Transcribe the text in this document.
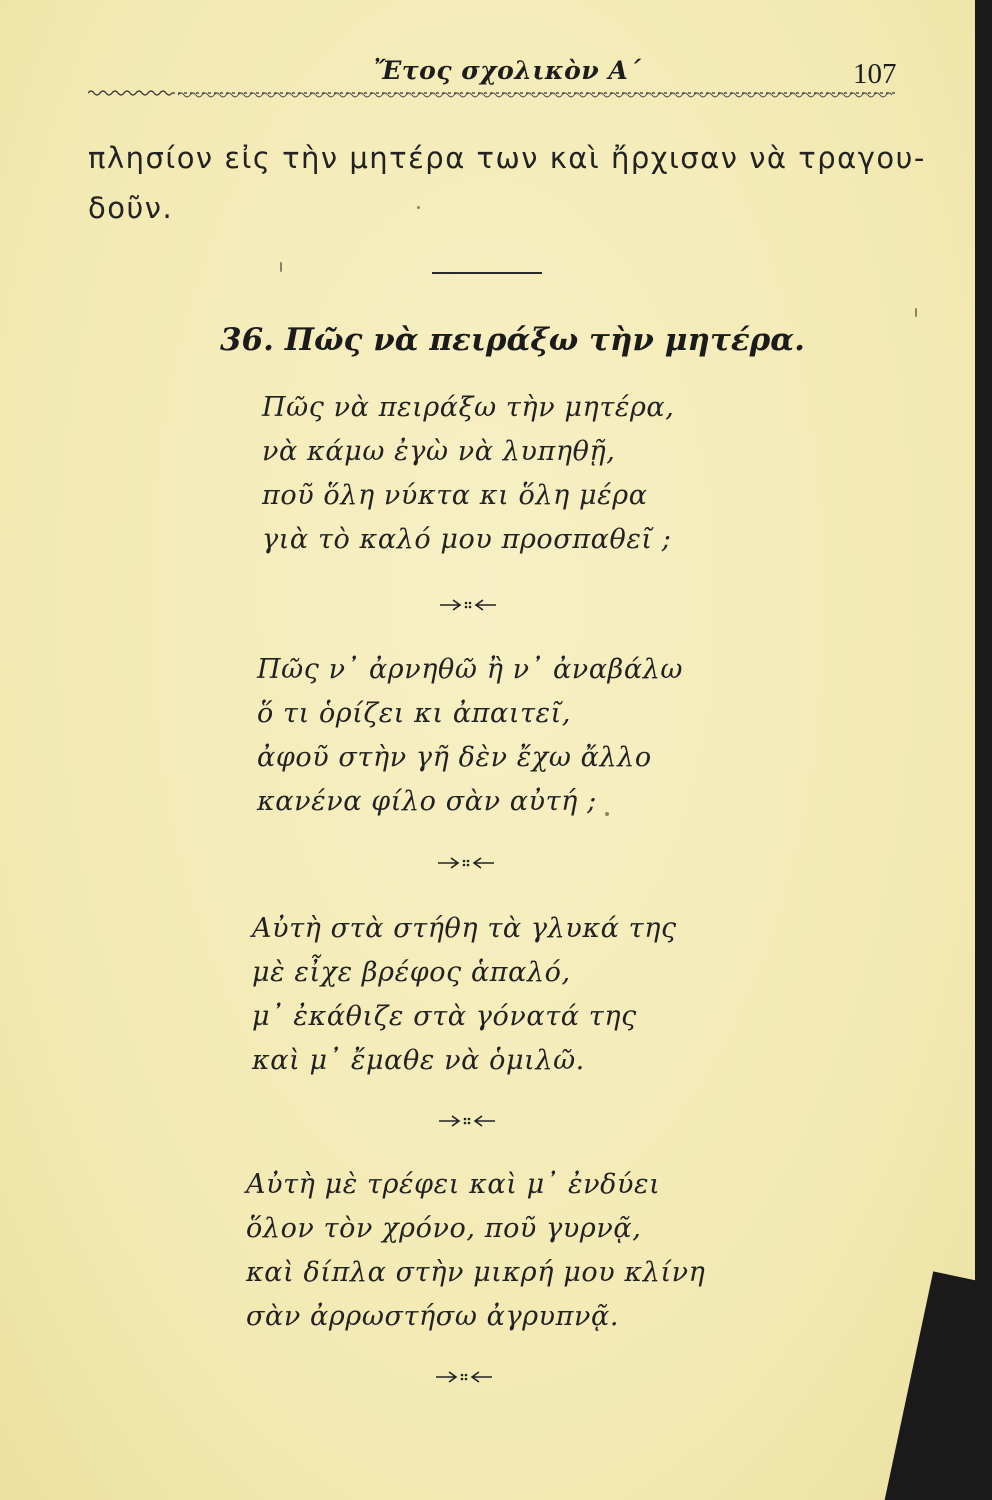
Ἔτος σχολικὸν Α΄	107
πλησίον εἰς τὴν μητέρα των καὶ ἤρχισαν νὰ τραγου-
δοῦν.
36. Πῶς νὰ πειράξω τὴν μητέρα.
Πῶς νὰ πειράξω τὴν μητέρα,
νὰ κάμω ἐγὼ νὰ λυπηθῇ,
ποῦ ὅλη νύκτα κι ὅλη μέρα
γιὰ τὸ καλό μου προσπαθεῖ ;
Πῶς ν᾿ ἀρνηθῶ ἢ ν᾿ ἀναβάλω
ὅ τι ὁρίζει κι ἀπαιτεῖ,
ἀφοῦ στὴν γῆ δὲν ἔχω ἄλλο
κανένα φίλο σὰν αὐτή ;
Αὐτὴ στὰ στήθη τὰ γλυκά της
μὲ εἶχε βρέφος ἁπαλό,
μ᾿ ἐκάθιζε στὰ γόνατά της
καὶ μ᾿ ἔμαθε νὰ ὁμιλῶ.
Αὐτὴ μὲ τρέφει καὶ μ᾿ ἐνδύει
ὅλον τὸν χρόνο, ποῦ γυρνᾷ,
καὶ δίπλα στὴν μικρή μου κλίνη
σὰν ἀρρωστήσω ἀγρυπνᾷ.
